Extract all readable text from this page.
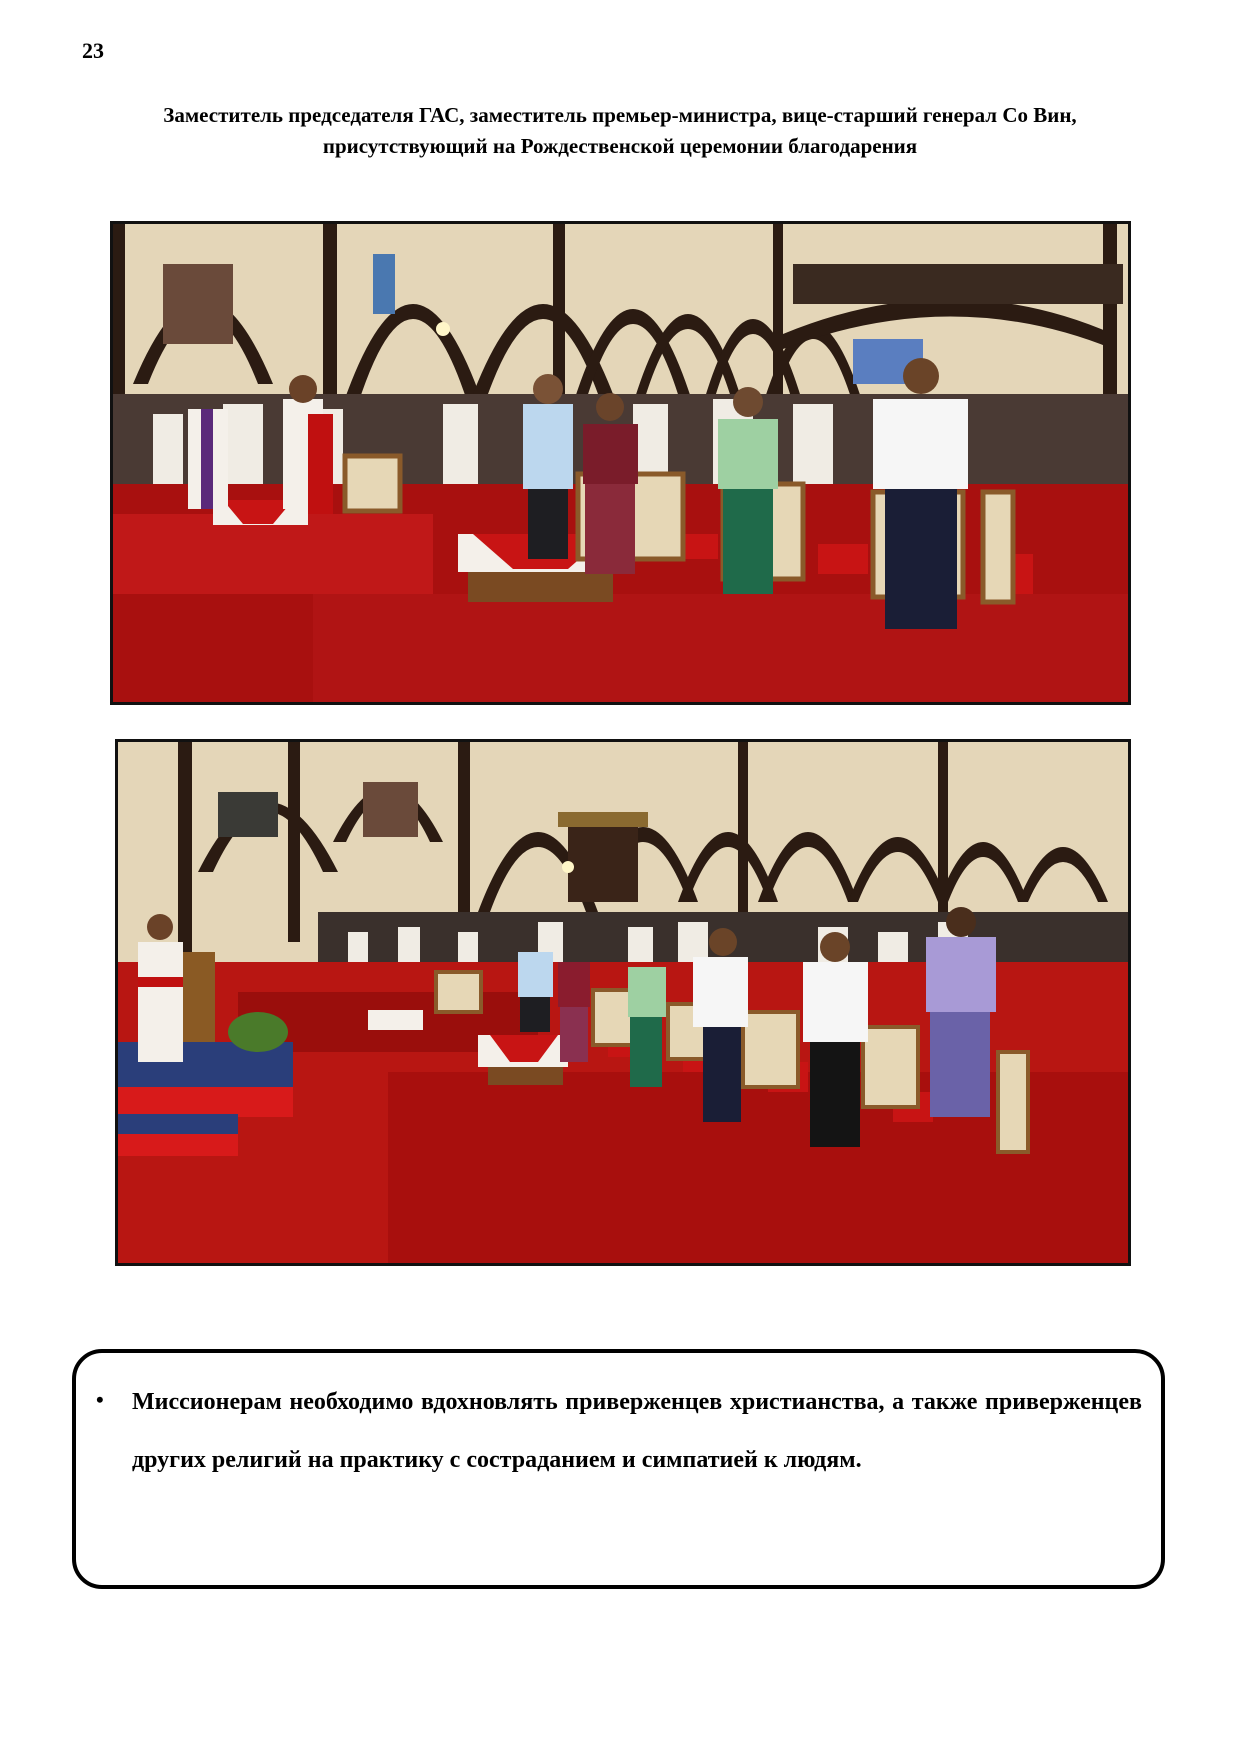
23
Заместитель председателя ГАС, заместитель премьер-министра, вице-старший генерал Со Вин, присутствующий на Рождественской церемонии благодарения
• Миссионерам необходимо вдохновлять приверженцев христианства, а также приверженцев других религий на практику с состраданием и симпатией к людям.
